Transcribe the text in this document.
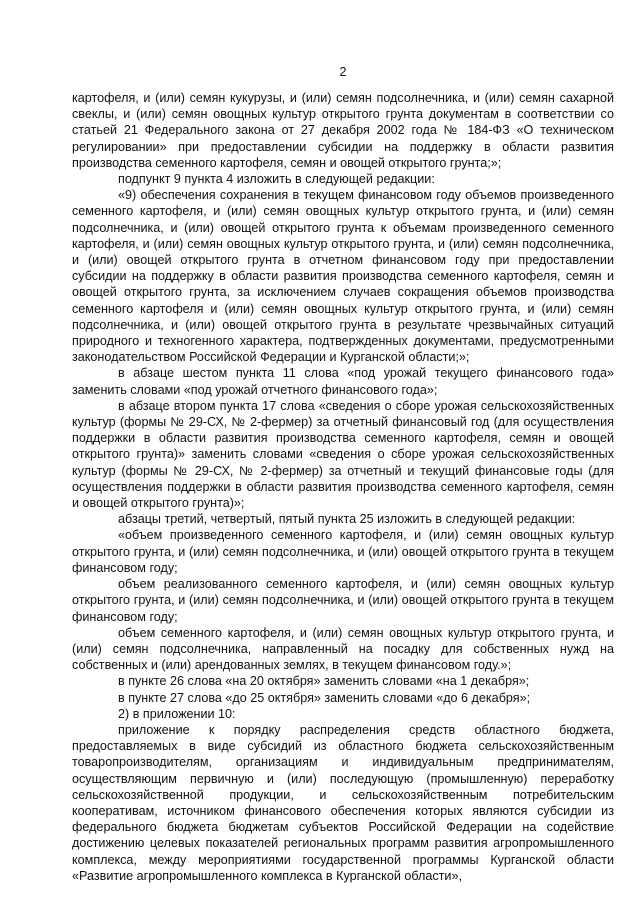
2

картофеля, и (или) семян кукурузы, и (или) семян подсолнечника, и (или) семян сахарной свеклы, и (или) семян овощных культур открытого грунта документам в соответствии со статьей 21 Федерального закона от 27 декабря 2002 года № 184-ФЗ «О техническом регулировании» при предоставлении субсидии на поддержку в области развития производства семенного картофеля, семян и овощей открытого грунта;»;

подпункт 9 пункта 4 изложить в следующей редакции:

«9) обеспечения сохранения в текущем финансовом году объемов произведенного семенного картофеля, и (или) семян овощных культур открытого грунта, и (или) семян подсолнечника, и (или) овощей открытого грунта к объемам произведенного семенного картофеля, и (или) семян овощных культур открытого грунта, и (или) семян подсолнечника, и (или) овощей открытого грунта в отчетном финансовом году при предоставлении субсидии на поддержку в области развития производства семенного картофеля, семян и овощей открытого грунта, за исключением случаев сокращения объемов производства семенного картофеля и (или) семян овощных культур открытого грунта, и (или) семян подсолнечника, и (или) овощей открытого грунта в результате чрезвычайных ситуаций природного и техногенного характера, подтвержденных документами, предусмотренными законодательством Российской Федерации и Курганской области;»;

в абзаце шестом пункта 11 слова «под урожай текущего финансового года» заменить словами «под урожай отчетного финансового года»;

в абзаце втором пункта 17 слова «сведения о сборе урожая сельскохозяйственных культур (формы № 29-СХ, № 2-фермер) за отчетный финансовый год (для осуществления поддержки в области развития производства семенного картофеля, семян и овощей открытого грунта)» заменить словами «сведения о сборе урожая сельскохозяйственных культур (формы № 29-СХ, № 2-фермер) за отчетный и текущий финансовые годы (для осуществления поддержки в области развития производства семенного картофеля, семян и овощей открытого грунта)»;

абзацы третий, четвертый, пятый пункта 25 изложить в следующей редакции:

«объем произведенного семенного картофеля, и (или) семян овощных культур открытого грунта, и (или) семян подсолнечника, и (или) овощей открытого грунта в текущем финансовом году;

объем реализованного семенного картофеля, и (или) семян овощных культур открытого грунта, и (или) семян подсолнечника, и (или) овощей открытого грунта в текущем финансовом году;

объем семенного картофеля, и (или) семян овощных культур открытого грунта, и (или) семян подсолнечника, направленный на посадку для собственных нужд на собственных и (или) арендованных землях, в текущем финансовом году.»;

в пункте 26 слова «на 20 октября» заменить словами «на 1 декабря»;

в пункте 27 слова «до 25 октября» заменить словами «до 6 декабря»;

2) в приложении 10:

приложение к порядку распределения средств областного бюджета, предоставляемых в виде субсидий из областного бюджета сельскохозяйственным товаропроизводителям, организациям и индивидуальным предпринимателям, осуществляющим первичную и (или) последующую (промышленную) переработку сельскохозяйственной продукции, и сельскохозяйственным потребительским кооперативам, источником финансового обеспечения которых являются субсидии из федерального бюджета бюджетам субъектов Российской Федерации на содействие достижению целевых показателей региональных программ развития агропромышленного комплекса, между мероприятиями государственной программы Курганской области «Развитие агропромышленного комплекса в Курганской области»,
